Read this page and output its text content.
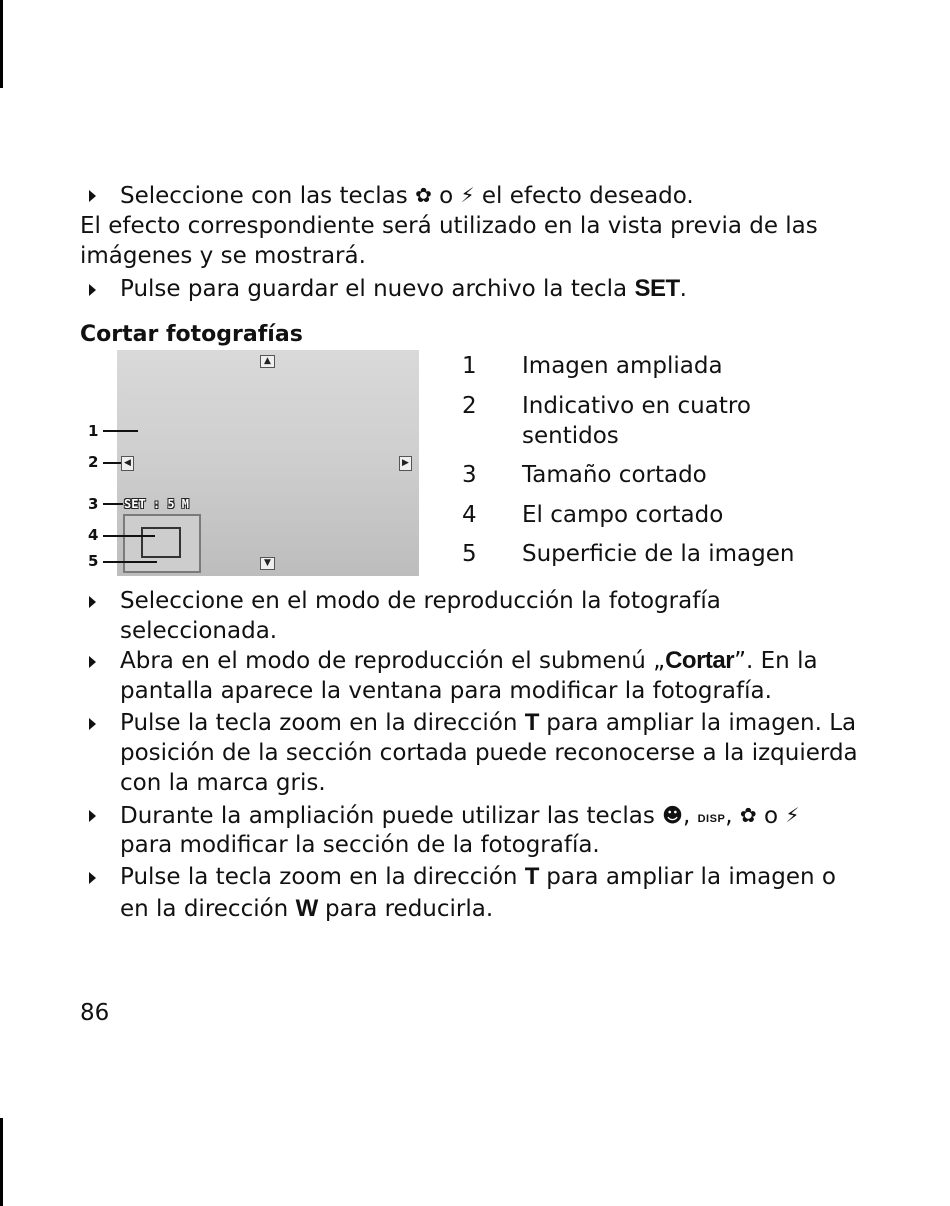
Seleccione con las teclas ✿ o ⚡ el efecto deseado.
El efecto correspondiente será utilizado en la vista previa de las
imágenes y se mostrará.
Pulse para guardar el nuevo archivo la tecla SET.
Cortar fotografías
▲
▼
◀	▶
SET : 5 M
1
2
3
4
5
1 Imagen ampliada
2 Indicativo en cuatro
sentidos
3 Tamaño cortado
4 El campo cortado
5 Superficie de la imagen
Seleccione en el modo de reproducción la fotografía
seleccionada.
Abra en el modo de reproducción el submenú „Cortar”. En la
pantalla aparece la ventana para modificar la fotografía.
Pulse la tecla zoom en la dirección T para ampliar la imagen. La
posición de la sección cortada puede reconocerse a la izquierda
con la marca gris.
Durante la ampliación puede utilizar las teclas ☻, DISP, ✿ o ⚡
para modificar la sección de la fotografía.
Pulse la tecla zoom en la dirección T para ampliar la imagen o
en la dirección W para reducirla.
86
